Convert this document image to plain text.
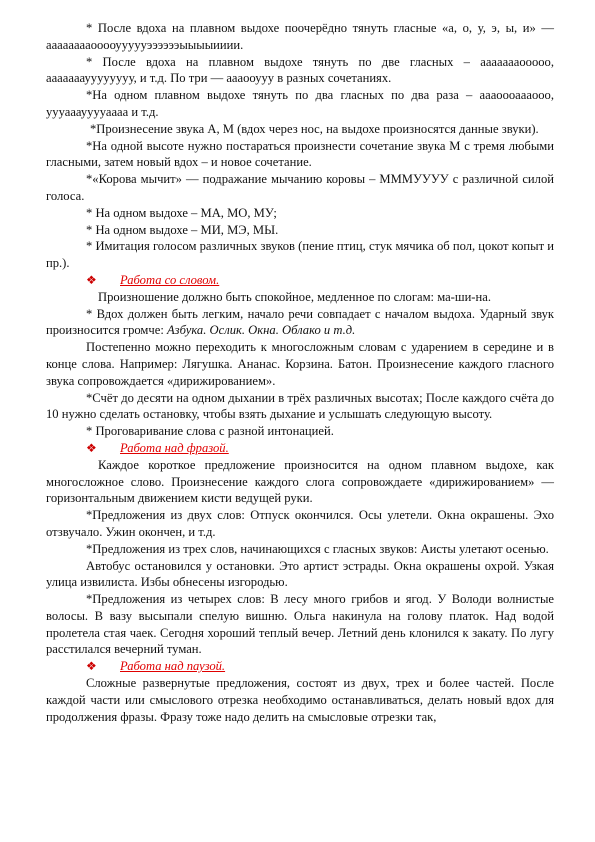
* После вдоха на плавном выдохе поочерёдно тянуть гласные «а, о, у, э, ы, и» — ааааааааооооуууууээээээыыыыииии.

* После вдоха на плавном выдохе тянуть по две гласных – аааааааооооо, ааааааауууууууу, и т.д. По три — аааооууу в разных сочетаниях.

*На одном плавном выдохе тянуть по два гласных по два раза – аааоооаааооо, уууаааууууаааа и т.д.

*Произнесение звука А, М (вдох через нос, на выдохе произносятся данные звуки).

*На одной высоте нужно постараться произнести сочетание звука М с тремя любыми гласными, затем новый вдох – и новое сочетание.

*«Корова мычит» — подражание мычанию коровы – МММУУУУ с различной силой голоса.

* На одном выдохе – МА, МО, МУ;

* На одном выдохе – МИ, МЭ, МЫ.

* Имитация голосом различных звуков (пение птиц, стук мячика об пол, цокот копыт и пр.).

❖ Работа со словом.

Произношение должно быть спокойное, медленное по слогам: ма-ши-на.

* Вдох должен быть легким, начало речи совпадает с началом выдоха. Ударный звук произносится громче: Азбука. Ослик. Окна. Облако и т.д.

Постепенно можно переходить к многосложным словам с ударением в середине и в конце слова. Например: Лягушка. Ананас. Корзина. Батон. Произнесение каждого гласного звука сопровождается «дирижированием».

*Счёт до десяти на одном дыхании в трёх различных высотах; После каждого счёта до 10 нужно сделать остановку, чтобы взять дыхание и услышать следующую высоту.

* Проговаривание слова с разной интонацией.

❖ Работа над фразой.

Каждое короткое предложение произносится на одном плавном выдохе, как многосложное слово. Произнесение каждого слога сопровождаете «дирижированием» — горизонтальным движением кисти ведущей руки.

*Предложения из двух слов: Отпуск окончился. Осы улетели. Окна окрашены. Эхо отзвучало. Ужин окончен, и т.д.

*Предложения из трех слов, начинающихся с гласных звуков: Аисты улетают осенью.

Автобус остановился у остановки. Это артист эстрады. Окна окрашены охрой. Узкая улица извилиста. Избы обнесены изгородью.

*Предложения из четырех слов: В лесу много грибов и ягод. У Володи волнистые волосы. В вазу высыпали спелую вишню. Ольга накинула на голову платок. Над водой пролетела стая чаек. Сегодня хороший теплый вечер. Летний день клонился к закату. По лугу расстилался вечерний туман.

❖ Работа над паузой.

Сложные развернутые предложения, состоят из двух, трех и более частей. После каждой части или смыслового отрезка необходимо останавливаться, делать новый вдох для продолжения фразы. Фразу тоже надо делить на смысловые отрезки так,
